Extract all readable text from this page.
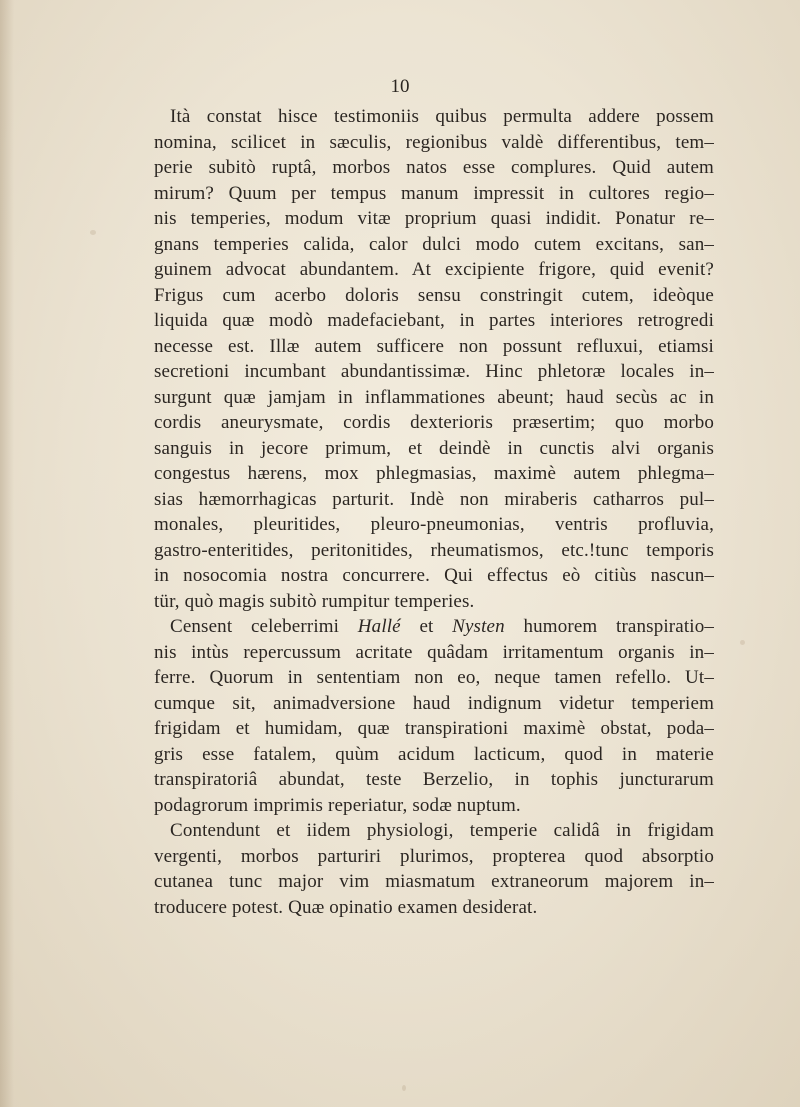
10
Ità constat hisce testimoniis quibus permulta addere possem
nomina, scilicet in sæculis, regionibus valdè differentibus, tem–
perie subitò ruptâ, morbos natos esse complures. Quid autem
mirum? Quum per tempus manum impressit in cultores regio–
nis temperies, modum vitæ proprium quasi indidit. Ponatur re–
gnans temperies calida, calor dulci modo cutem excitans, san–
guinem advocat abundantem. At excipiente frigore, quid evenit?
Frigus cum acerbo doloris sensu constringit cutem, ideòque
liquida quæ modò madefaciebant, in partes interiores retrogredi
necesse est. Illæ autem sufficere non possunt refluxui, etiamsi
secretioni incumbant abundantissimæ. Hinc phletoræ locales in–
surgunt quæ jamjam in inflammationes abeunt; haud secùs ac in
cordis aneurysmate, cordis dexterioris præsertim; quo morbo
sanguis in jecore primum, et deindè in cunctis alvi organis
congestus hærens, mox phlegmasias, maximè autem phlegma–
sias hæmorrhagicas parturit. Indè non miraberis catharros pul–
monales, pleuritides, pleuro-pneumonias, ventris profluvia,
gastro-enteritides, peritonitides, rheumatismos, etc.!tunc temporis
in nosocomia nostra concurrere. Qui effectus eò citiùs nascun–
tür, quò magis subitò rumpitur temperies.
Censent celeberrimi Hallé et Nysten humorem transpiratio–
nis intùs repercussum acritate quâdam irritamentum organis in–
ferre. Quorum in sententiam non eo, neque tamen refello. Ut–
cumque sit, animadversione haud indignum videtur temperiem
frigidam et humidam, quæ transpirationi maximè obstat, poda–
gris esse fatalem, quùm acidum lacticum, quod in materie
transpiratoriâ abundat, teste Berzelio, in tophis juncturarum
podagrorum imprimis reperiatur, sodæ nuptum.
Contendunt et iidem physiologi, temperie calidâ in frigidam
vergenti, morbos parturiri plurimos, propterea quod absorptio
cutanea tunc major vim miasmatum extraneorum majorem in–
troducere potest. Quæ opinatio examen desiderat.
